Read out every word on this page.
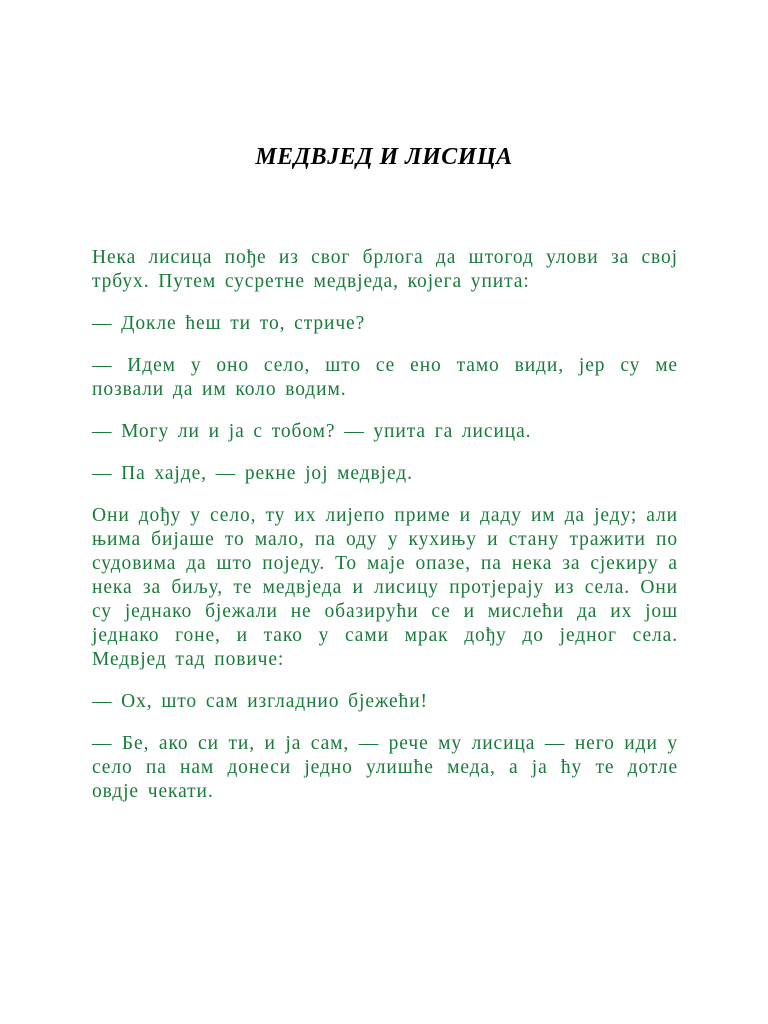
МЕДВЈЕД И ЛИСИЦА

Нека лисица пођe из свог брлога да штогод улови за свој трбух. Путем сусретне медвједа, којега упита:

— Докле ћеш ти то, стриче?

— Идем у оно село, што се ено тамо види, јер су ме позвали да им коло водим.

— Могу ли и ја с тобом? — упита га лисица.

— Па хајде, — рекне јој медвјед.

Они дођу у село, ту их лијепо приме и даду им да једу; али њима бијаше то мало, па оду у кухињу и стану тражити по судовима да што поједу. То маје опазе, па нека за сјекиру а нека за биљу, те медвједа и лисицу протјерају из села. Они су једнако бјежали не обазирући се и мислећи да их још једнако гоне, и тако у сами мрак дођу до једног села. Медвјед тад повиче:

— Ох, што сам изгладнио бјежећи!

— Бе, ако си ти, и ја сам, — рече му лисица — него иди у село па нам донеси једно улишће меда, а ја ћу те дотле овдје чекати.
